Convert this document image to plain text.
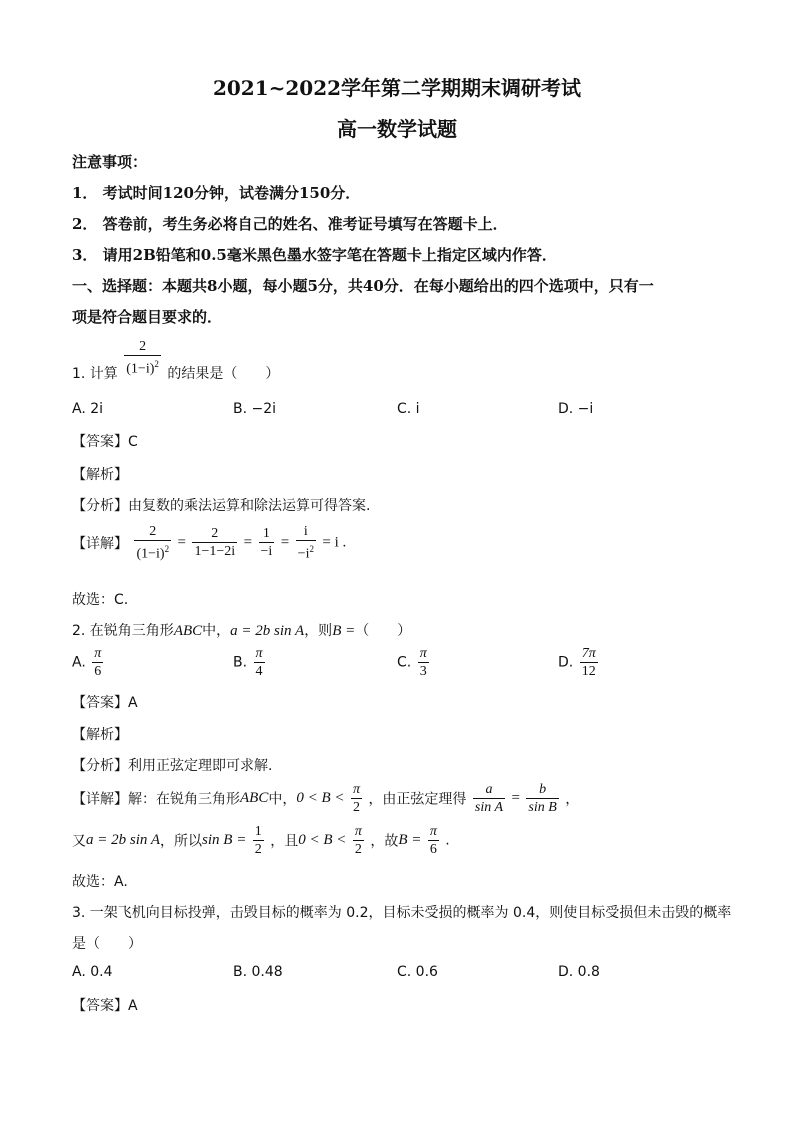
2021~2022学年第二学期期末调研考试
高一数学试题
注意事项：
1． 考试时间120分钟，试卷满分150分．
2． 答卷前，考生务必将自己的姓名、准考证号填写在答题卡上．
3． 请用2B铅笔和0.5毫米黑色墨水签字笔在答题卡上指定区域内作答．
一、选择题：本题共8小题，每小题5分，共40分．在每小题给出的四个选项中，只有一
项是符合题目要求的．
1. 计算 $\frac{2}{(1-i)^2}$ 的结果是（　　）
A. 2i	B. −2i	C. i	D. −i
【答案】C
【解析】
【分析】由复数的乘法运算和除法运算可得答案.
【详解】 $\frac{2}{(1-i)^2} = \frac{2}{1-1-2i} = \frac{1}{-i} = \frac{i}{-i^2} = i$ .
故选：C.
2. 在锐角三角形ABC中，a = 2b sin A，则B =（　　）
A. $\frac{\pi}{6}$	B. $\frac{\pi}{4}$	C. $\frac{\pi}{3}$	D. $\frac{7\pi}{12}$
【答案】A
【解析】
【分析】利用正弦定理即可求解.
【详解】解：在锐角三角形ABC中，$0 < B < \frac{\pi}{2}$ ，由正弦定理得 $\frac{a}{\text{sin A}} = \frac{b}{\text{sin B}}$ ，
又a = 2b sin A，所以$\sin B = \frac{1}{2}$ ，且$0 < B < \frac{\pi}{2}$ ，故$B = \frac{\pi}{6}$ .
故选：A.
3. 一架飞机向目标投弹，击毁目标的概率为 0.2，目标未受损的概率为 0.4，则使目标受损但未击毁的概率
是（　　）
A. 0.4	B. 0.48	C. 0.6	D. 0.8
【答案】A
